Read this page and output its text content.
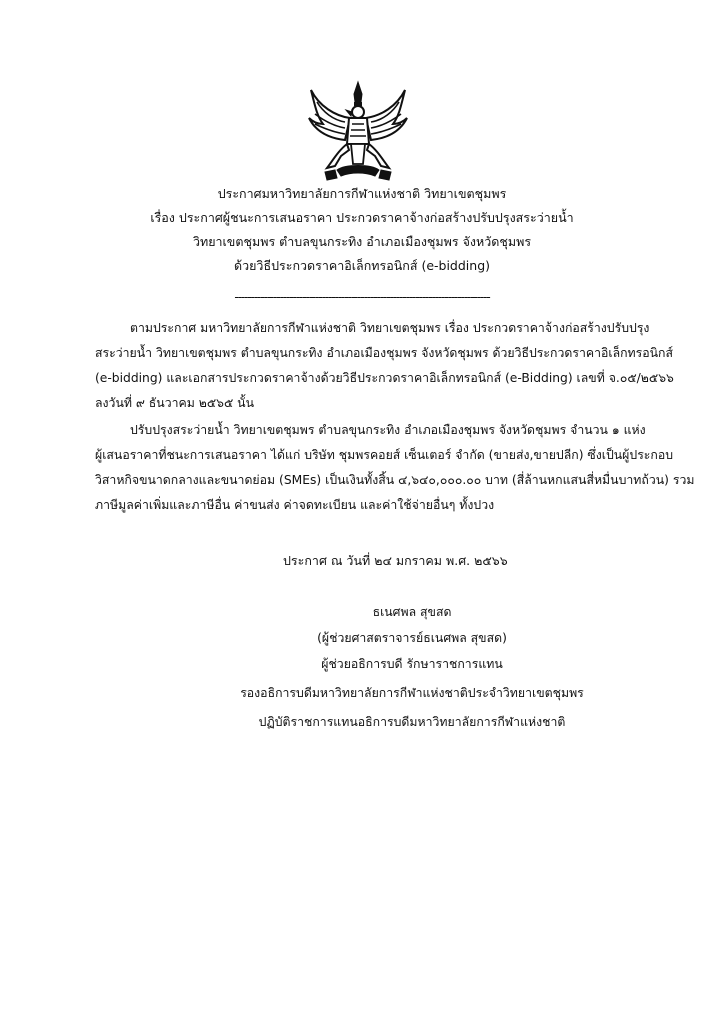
ประกาศมหาวิทยาลัยการกีฬาแห่งชาติ วิทยาเขตชุมพร
เรื่อง ประกาศผู้ชนะการเสนอราคา ประกวดราคาจ้างก่อสร้างปรับปรุงสระว่ายน้ำ
วิทยาเขตชุมพร ตำบลขุนกระทิง อำเภอเมืองชุมพร จังหวัดชุมพร
ด้วยวิธีประกวดราคาอิเล็กทรอนิกส์ (e-bidding)
-------------------------------------------------------------------------------
ตามประกาศ มหาวิทยาลัยการกีฬาแห่งชาติ วิทยาเขตชุมพร เรื่อง ประกวดราคาจ้างก่อสร้างปรับปรุง
สระว่ายน้ำ วิทยาเขตชุมพร ตำบลขุนกระทิง อำเภอเมืองชุมพร จังหวัดชุมพร ด้วยวิธีประกวดราคาอิเล็กทรอนิกส์
(e-bidding) และเอกสารประกวดราคาจ้างด้วยวิธีประกวดราคาอิเล็กทรอนิกส์ (e-Bidding) เลขที่ จ.๐๕/๒๕๖๖
ลงวันที่ ๙ ธันวาคม ๒๕๖๕ นั้น
ปรับปรุงสระว่ายน้ำ วิทยาเขตชุมพร ตำบลขุนกระทิง อำเภอเมืองชุมพร จังหวัดชุมพร จำนวน ๑ แห่ง
ผู้เสนอราคาที่ชนะการเสนอราคา ได้แก่ บริษัท ชุมพรคอยส์ เซ็นเตอร์ จำกัด (ขายส่ง,ขายปลีก) ซึ่งเป็นผู้ประกอบ
วิสาหกิจขนาดกลางและขนาดย่อม (SMEs) เป็นเงินทั้งสิ้น ๔,๖๔๐,๐๐๐.๐๐ บาท (สี่ล้านหกแสนสี่หมื่นบาทถ้วน) รวม
ภาษีมูลค่าเพิ่มและภาษีอื่น ค่าขนส่ง ค่าจดทะเบียน และค่าใช้จ่ายอื่นๆ ทั้งปวง
ประกาศ ณ วันที่ ๒๔ มกราคม พ.ศ. ๒๕๖๖
ธเนศพล สุขสด
(ผู้ช่วยศาสตราจารย์ธเนศพล สุขสด)
ผู้ช่วยอธิการบดี รักษาราชการแทน
รองอธิการบดีมหาวิทยาลัยการกีฬาแห่งชาติประจำวิทยาเขตชุมพร
ปฏิบัติราชการแทนอธิการบดีมหาวิทยาลัยการกีฬาแห่งชาติ
